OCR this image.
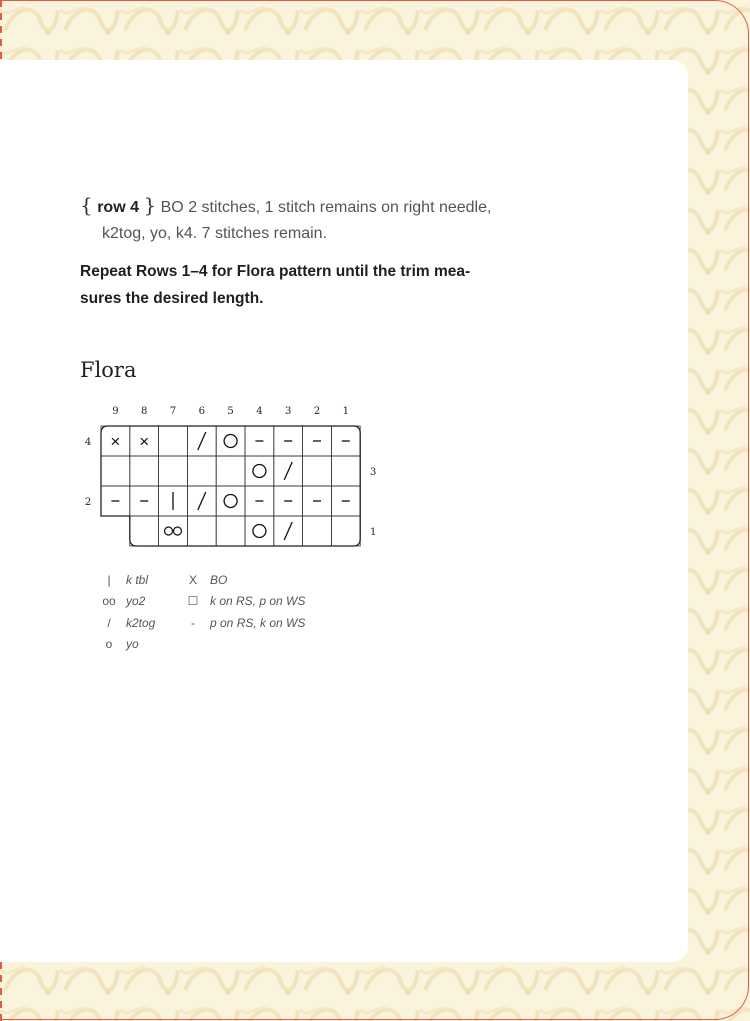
{ row 4 } BO 2 stitches, 1 stitch remains on right needle,
k2tog, yo, k4. 7 stitches remain.
Repeat Rows 1–4 for Flora pattern until the trim mea-
sures the desired length.
Flora
9 8 7 6 5 4 3 2 1
4
3
2
1
× ×
| k tbl
oo yo2
/ k2tog
o yo
X BO
☐ k on RS, p on WS
- p on RS, k on WS
